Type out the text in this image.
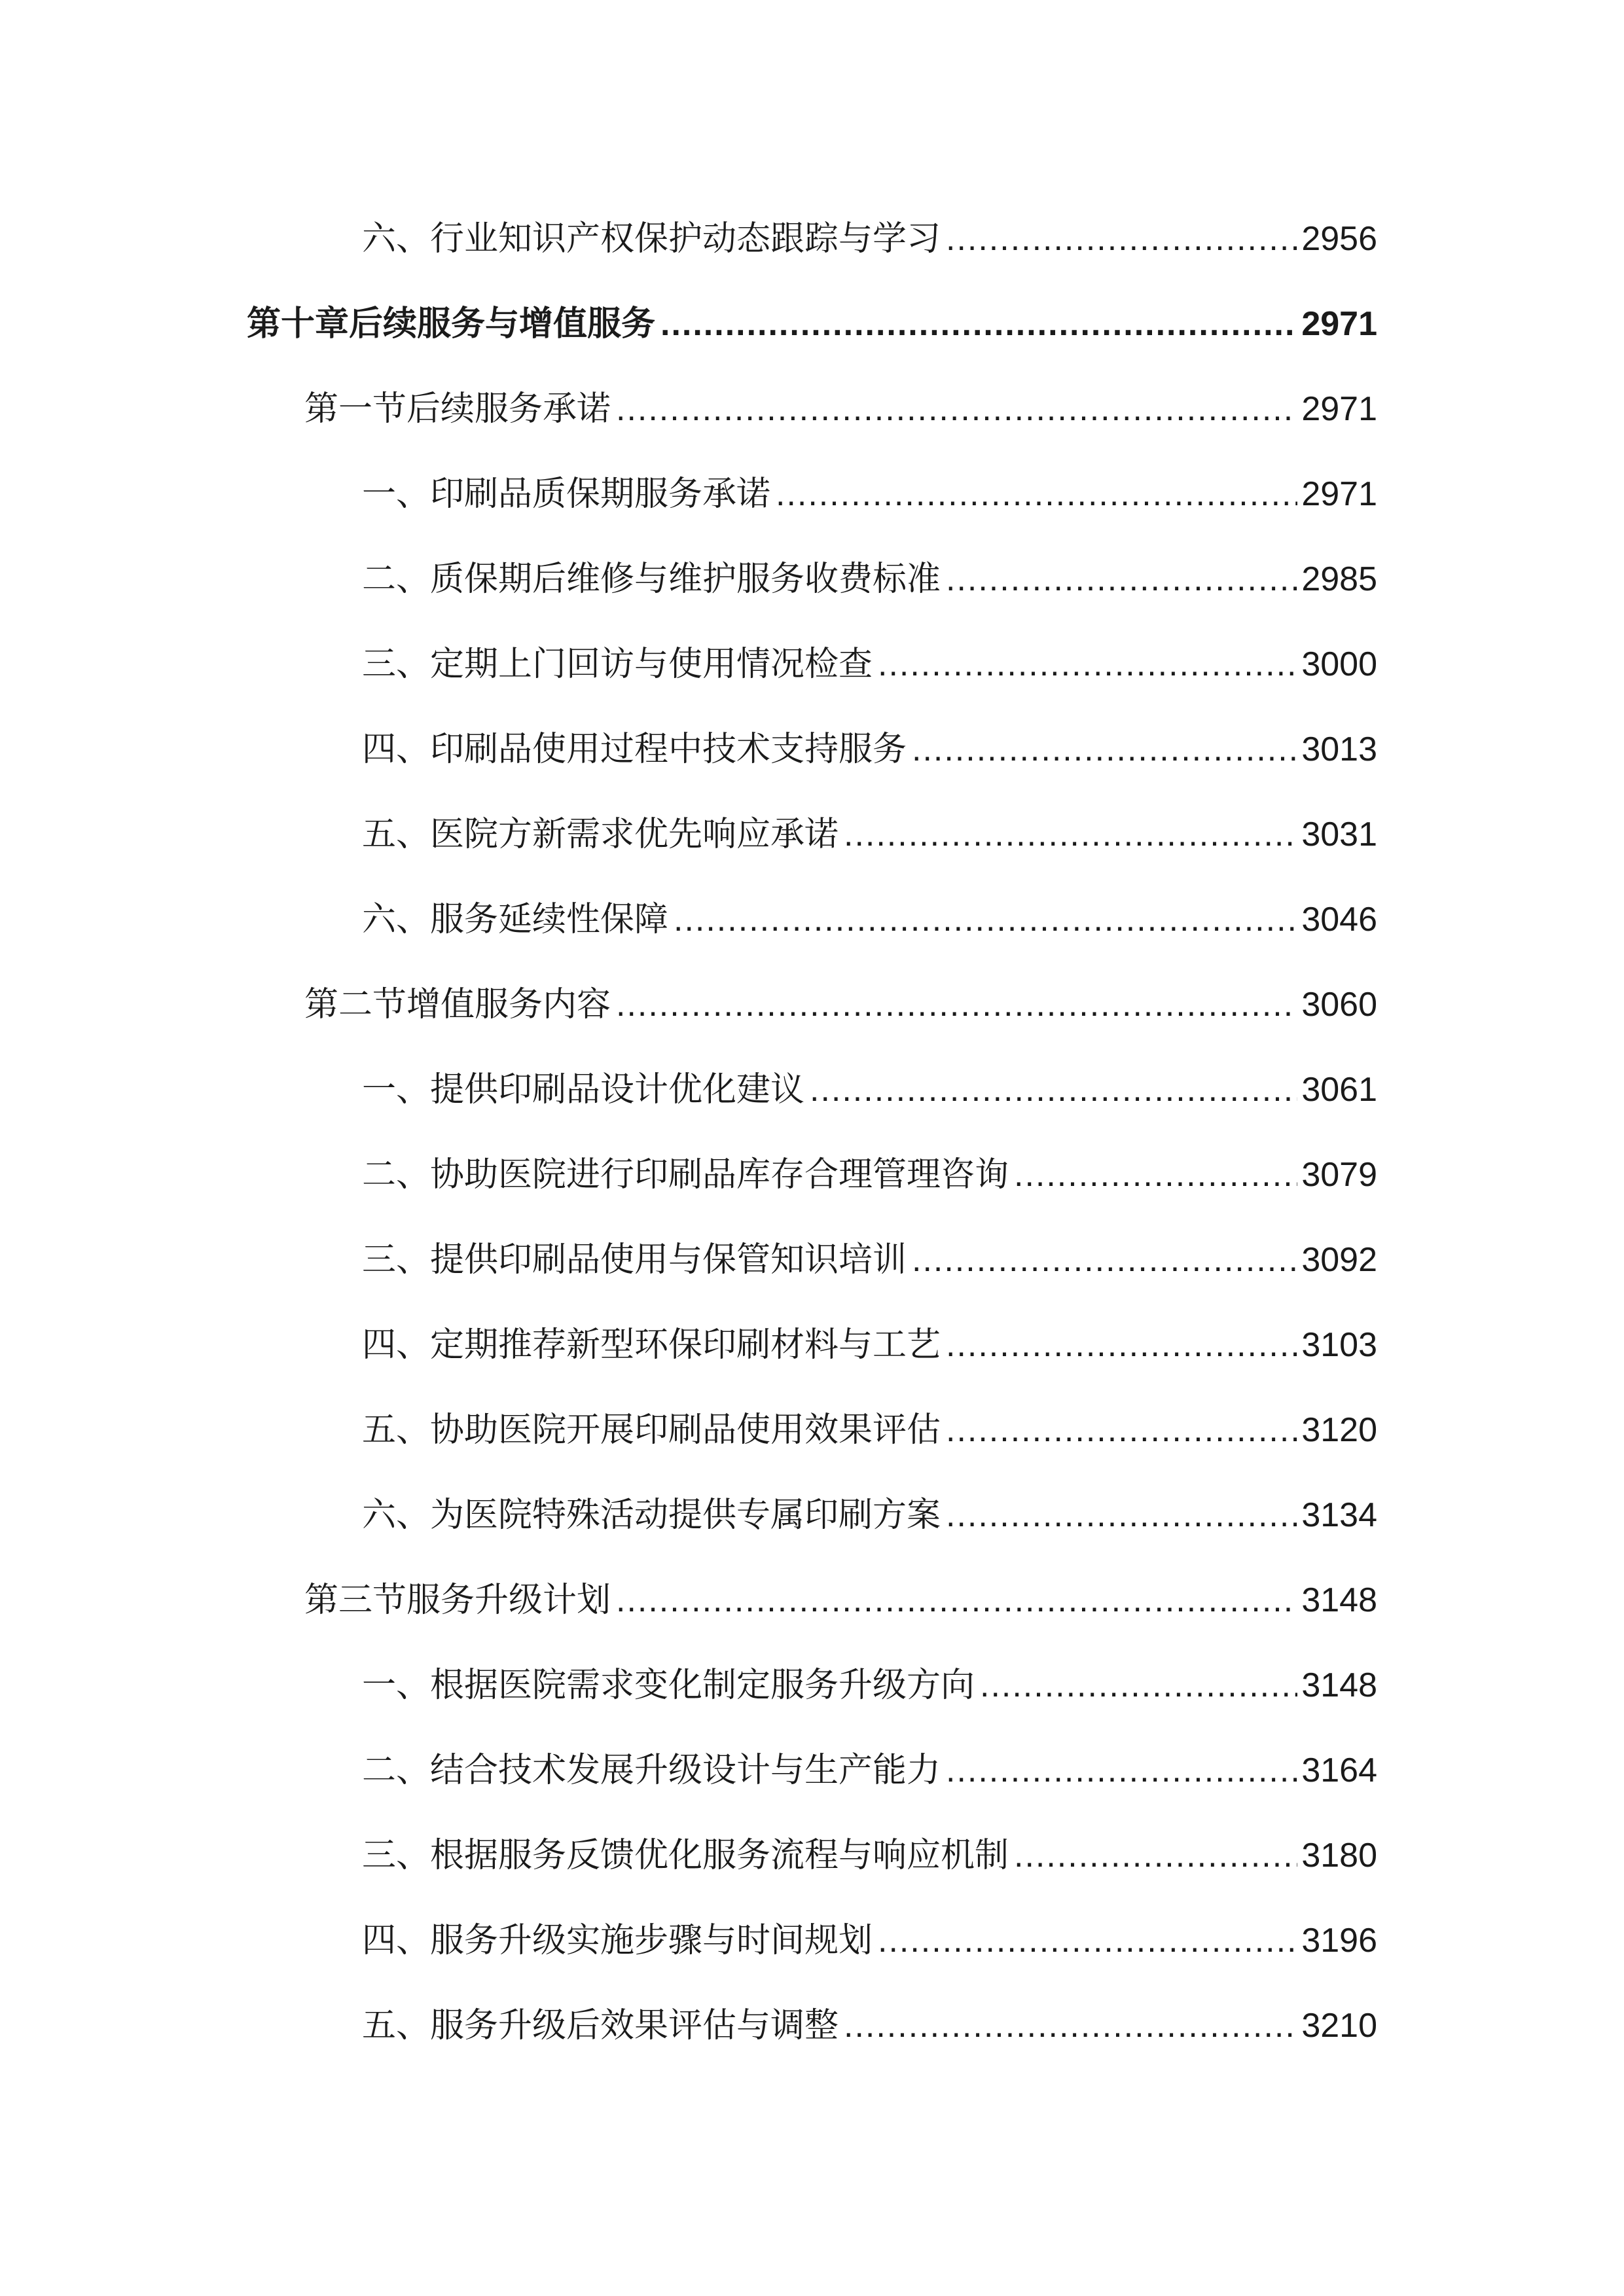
六、行业知识产权保护动态跟踪与学习 .....	2956
第十章后续服务与增值服务 .....	2971
第一节后续服务承诺 .....	2971
一、印刷品质保期服务承诺 .....	2971
二、质保期后维修与维护服务收费标准 .....	2985
三、定期上门回访与使用情况检查 .....	3000
四、印刷品使用过程中技术支持服务 .....	3013
五、医院方新需求优先响应承诺 .....	3031
六、服务延续性保障 .....	3046
第二节增值服务内容 .....	3060
一、提供印刷品设计优化建议 .....	3061
二、协助医院进行印刷品库存合理管理咨询 .....	3079
三、提供印刷品使用与保管知识培训 .....	3092
四、定期推荐新型环保印刷材料与工艺 .....	3103
五、协助医院开展印刷品使用效果评估 .....	3120
六、为医院特殊活动提供专属印刷方案 .....	3134
第三节服务升级计划 .....	3148
一、根据医院需求变化制定服务升级方向 .....	3148
二、结合技术发展升级设计与生产能力 .....	3164
三、根据服务反馈优化服务流程与响应机制 .....	3180
四、服务升级实施步骤与时间规划 .....	3196
五、服务升级后效果评估与调整 .....	3210
